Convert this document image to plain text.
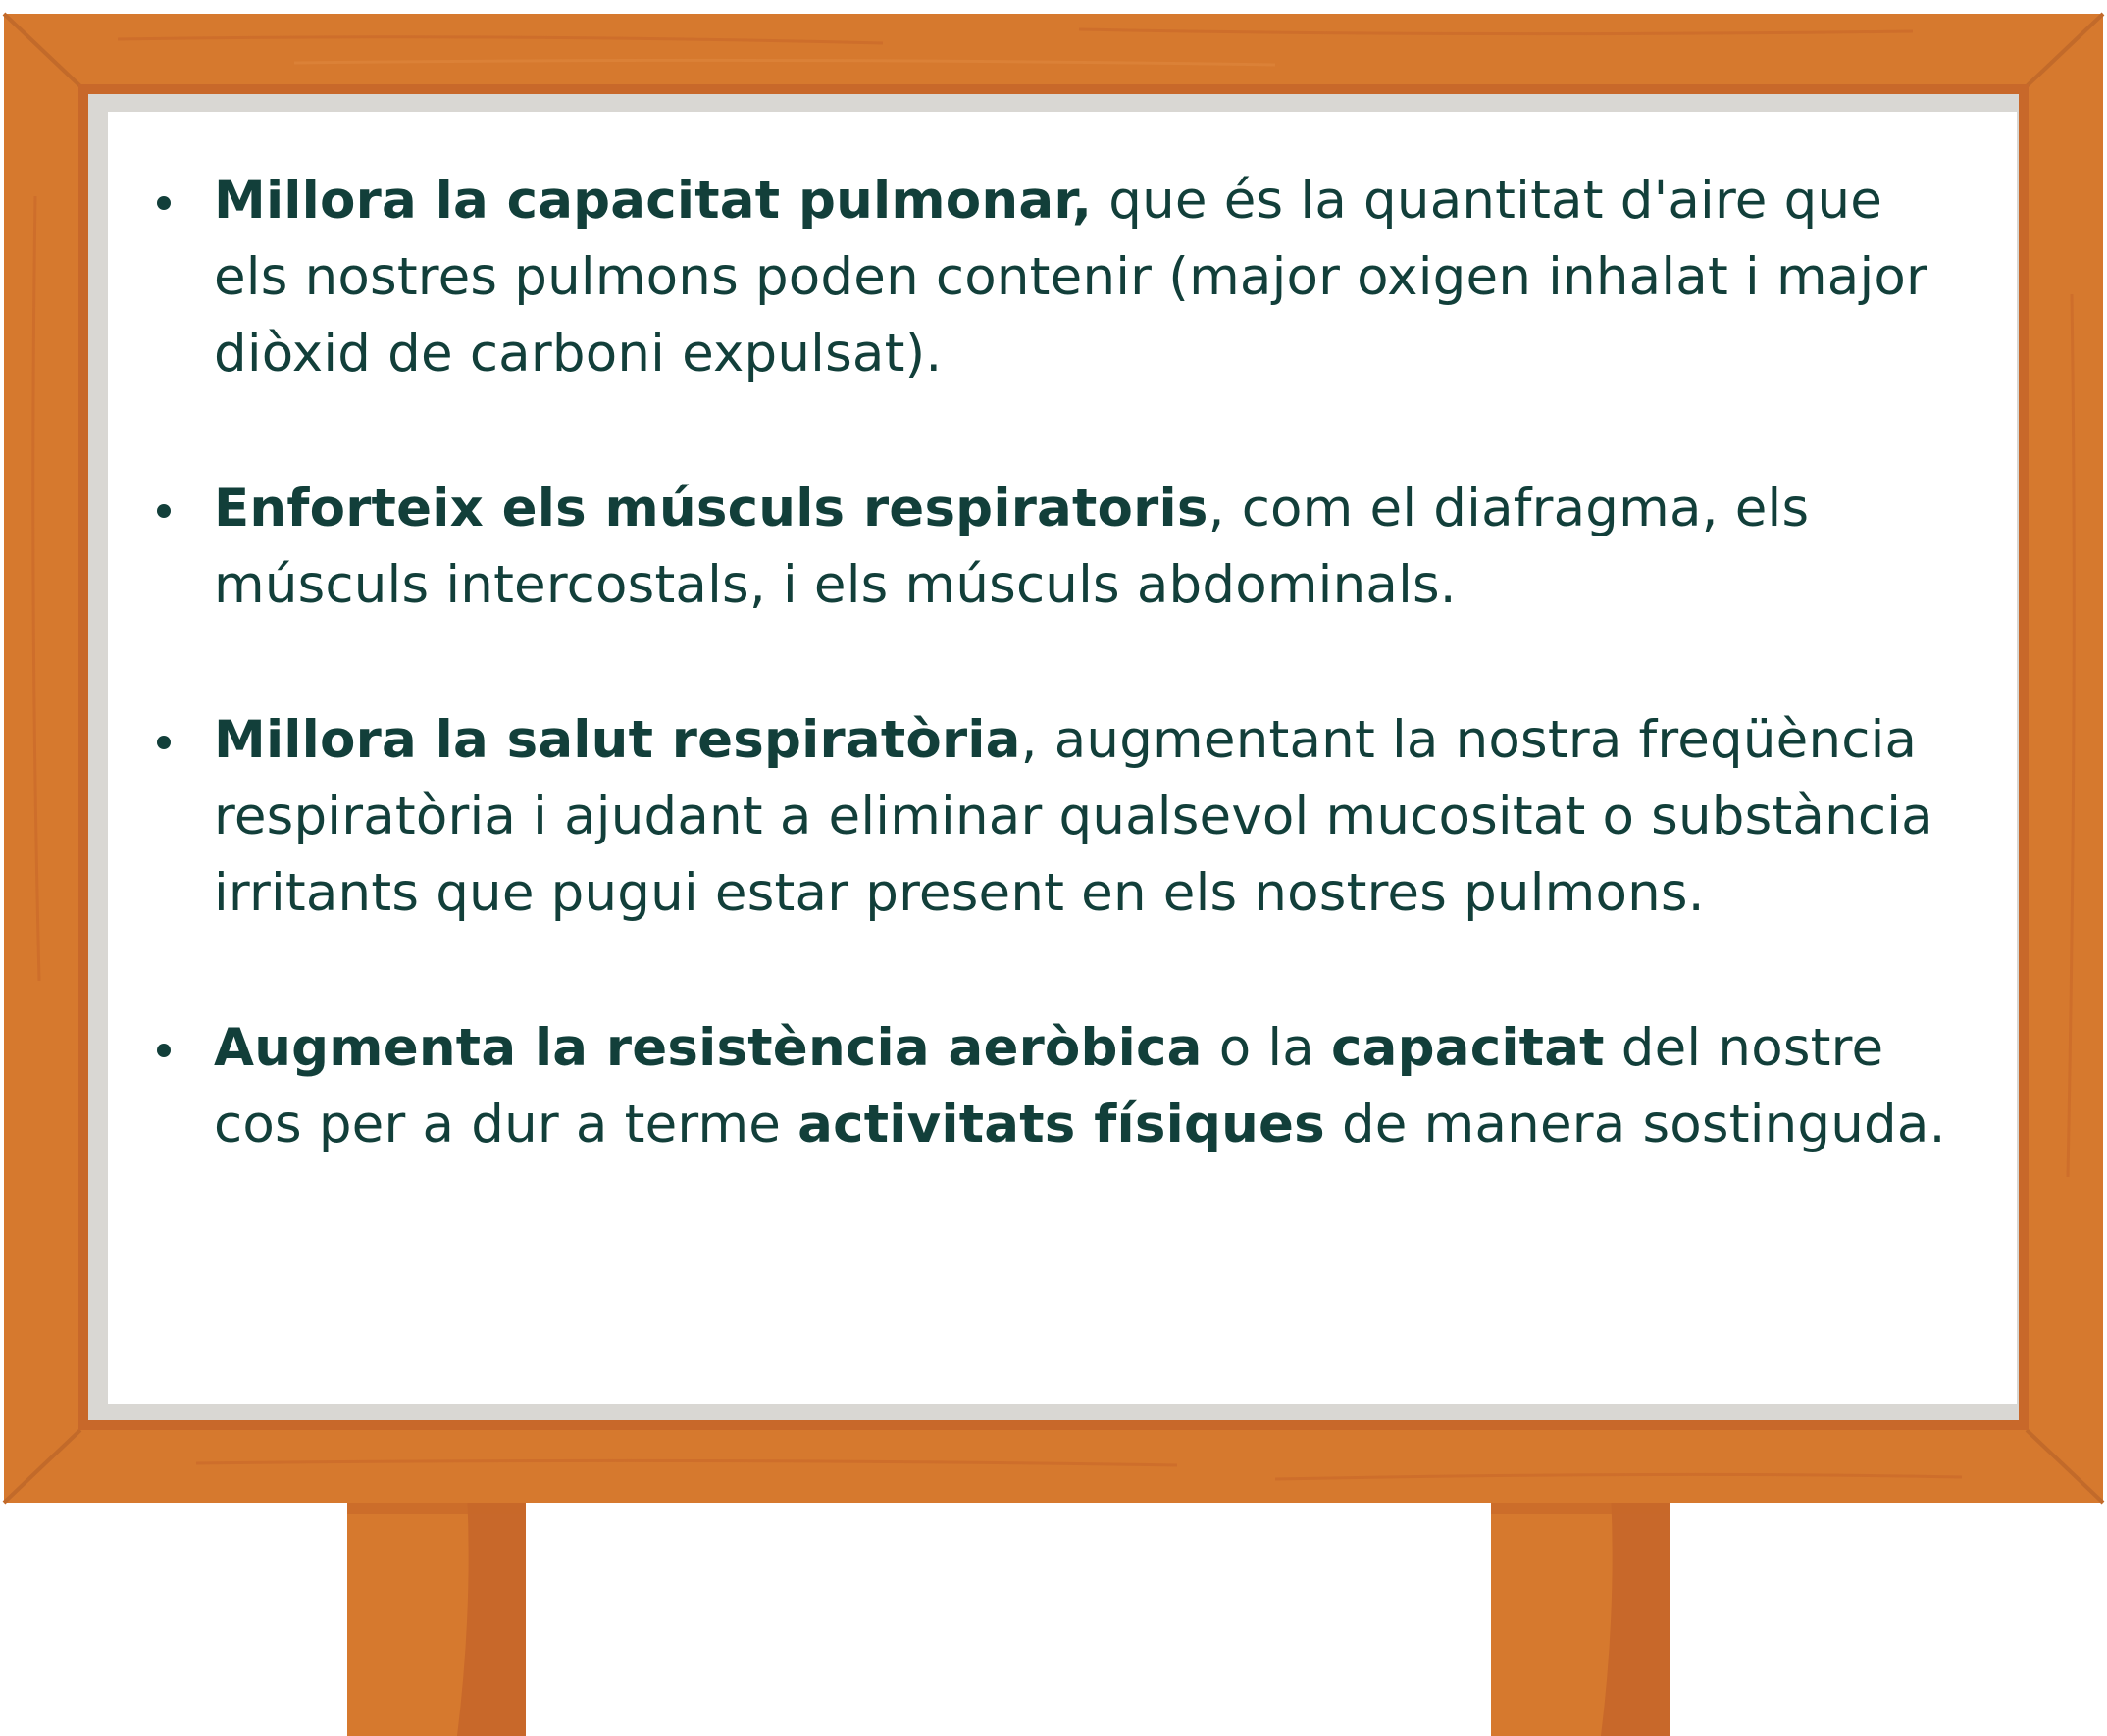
Millora la capacitat pulmonar, que és la quantitat d'aire que els nostres pulmons poden contenir (major oxigen inhalat i major diòxid de carboni expulsat).
Enforteix els músculs respiratoris, com el diafragma, els músculs intercostals, i els músculs abdominals.
Millora la salut respiratòria, augmentant la nostra freqüència respiratòria i ajudant a eliminar qualsevol mucositat o substància irritants que pugui estar present en els nostres pulmons.
Augmenta la resistència aeròbica o la capacitat del nostre cos per a dur a terme activitats físiques de manera sostinguda.
